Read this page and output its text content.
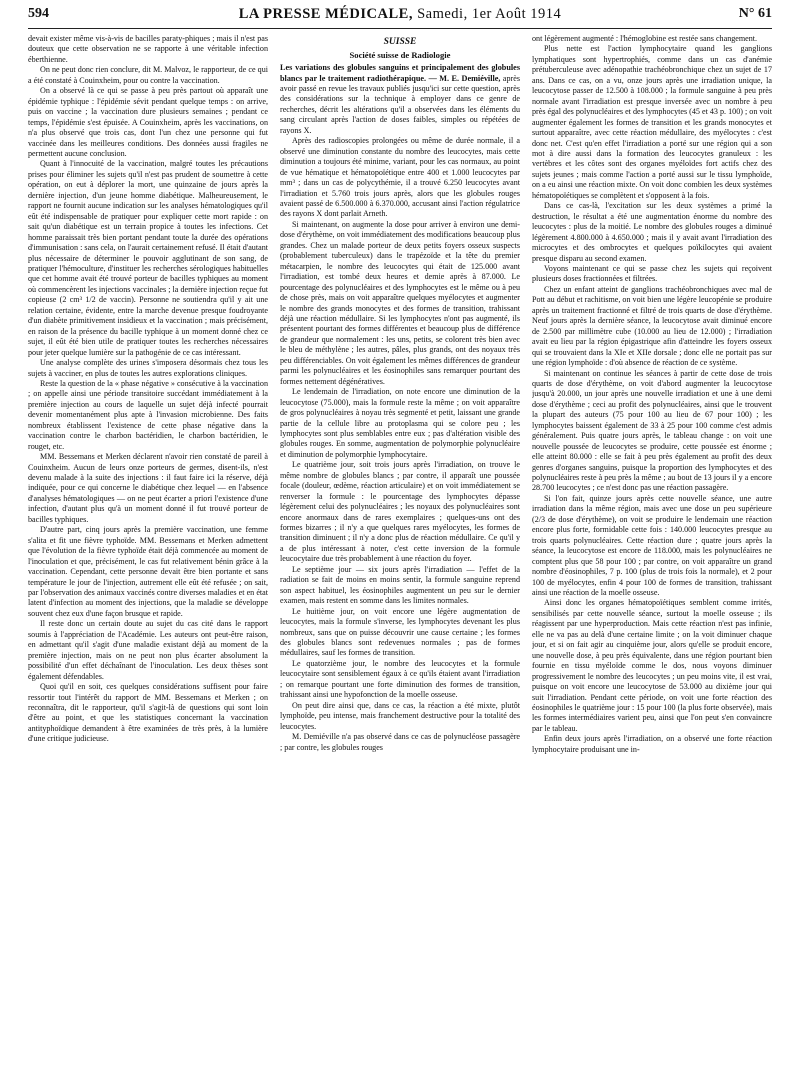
594	LA PRESSE MÉDICALE, Samedi, 1er Août 1914	N° 61

devait exister même vis-à-vis de bacilles paraty-phiques ; mais il n'est pas douteux que cette observation ne se rapporte à une véritable infection éberthienne.

On ne peut donc rien conclure, dit M. Malvoz, le rapporteur, de ce qui a été constaté à Couinxheim, pour ou contre la vaccination.

On a observé là ce qui se passe à peu près partout où apparaît une épidémie typhique : l'épidémie sévit pendant quelque temps : on arrive, puis on vaccine ; la vaccination dure plusieurs semaines ; pendant ce temps, l'épidémie s'est épuisée. A Couinxheim, après les vaccinations, on n'a plus observé que trois cas, dont l'un chez une personne qui fut vaccinée dans les meilleures conditions. Des données aussi fragiles ne permettent aucune conclusion.

Quant à l'innocuité de la vaccination, malgré toutes les précautions prises pour éliminer les sujets qu'il n'est pas prudent de soumettre à cette opération, on eut à déplorer la mort, une quinzaine de jours après la dernière injection, d'un jeune homme diabétique. Malheureusement, le rapport ne fournit aucune indication sur les analyses hématologiques qu'il eût été indispensable de pratiquer pour expliquer cette mort rapide : on sait qu'un diabétique est un terrain propice à toutes les infections. Cet homme paraissait très bien portant pendant toute la durée des opérations d'immunisation : sans cela, on l'aurait certainement refusé. Il était d'autant plus nécessaire de déterminer le pouvoir agglutinant de son sang, de pratiquer l'hémoculture, d'instituer les recherches sérologiques habituelles que cet homme avait été trouvé porteur de bacilles typhiques au moment où commencèrent les injections vaccinales ; la dernière injection reçue fut copieuse (2 cm³ 1/2 de vaccin). Personne ne soutiendra qu'il y ait une relation certaine, évidente, entre la marche devenue presque foudroyante d'un diabète primitivement insidieux et la vaccination ; mais précisément, en raison de la présence du bacille typhique à un moment donné chez ce sujet, il eût été bien utile de pratiquer toutes les recherches nécessaires pour jeter quelque lumière sur la pathogénie de ce cas intéressant.

Une analyse complète des urines s'imposera désormais chez tous les sujets à vacciner, en plus de toutes les autres explorations cliniques.

Reste la question de la « phase négative » consécutive à la vaccination ; on appelle ainsi une période transitoire succédant immédiatement à la première injection au cours de laquelle un sujet déjà infecté pourrait devenir momentanément plus apte à l'invasion microbienne. Des faits nombreux établissent l'existence de cette phase négative dans la vaccination contre le charbon bactéridien, le charbon bactéridien, le rouget, etc.

MM. Bessemans et Merken déclarent n'avoir rien constaté de pareil à Couinxheim. Aucun de leurs onze porteurs de germes, disent-ils, n'est devenu malade à la suite des injections : il faut faire ici la réserve, déjà indiquée, pour ce qui concerne le diabétique chez lequel — en l'absence d'analyses hématologiques — on ne peut écarter a priori l'existence d'une infection, d'autant plus qu'à un moment donné il fut trouvé porteur de bacilles typhiques.

D'autre part, cinq jours après la première vaccination, une femme s'alita et fit une fièvre typhoïde. MM. Bessemans et Merken admettent que l'évolution de la fièvre typhoïde était déjà commencée au moment de l'inoculation et que, précisément, le cas fut relativement bénin grâce à la vaccination. Cependant, cette personne devait être bien portante et sans température le jour de l'injection, autrement elle eût été refusée ; on sait, par l'observation des animaux vaccinés contre diverses maladies et en état latent d'infection au moment des injections, que la maladie se développe souvent chez eux d'une façon brusque et rapide.

Il reste donc un certain doute au sujet du cas cité dans le rapport soumis à l'appréciation de l'Académie. Les auteurs ont peut-être raison, en admettant qu'il s'agit d'une maladie existant déjà au moment de la première injection, mais on ne peut non plus écarter absolument la possibilité d'un effet déchaînant de l'inoculation. Les deux thèses sont également défendables.

Quoi qu'il en soit, ces quelques considérations suffisent pour faire ressortir tout l'intérêt du rapport de MM. Bessemans et Merken ; on reconnaîtra, dit le rapporteur, qu'il s'agit-là de questions qui sont loin d'être au point, et que les statistiques concernant la vaccination antityphoïdique demandent à être examinées de très près, à la lumière d'une critique judicieuse.

SUISSE
Société suisse de Radiologie

Les variations des globules sanguins et principalement des globules blancs par le traitement radiothérapique. — M. E. Demiéville, après avoir passé en revue les travaux publiés jusqu'ici sur cette question, après des considérations sur la technique à employer dans ce genre de recherches, décrit les altérations qu'il a observées dans les éléments du sang circulant après l'action de doses faibles, simples ou répétées de rayons X.

Après des radioscopies prolongées ou même de durée normale, il a observé une diminution constante du nombre des leucocytes, mais cette diminution a toujours été minime, variant, pour les cas normaux, au point de vue hématique et hématopoïétique entre 400 et 1.000 leucocytes par mm³ ; dans un cas de polycythémie, il a trouvé 6.250 leucocytes avant l'irradiation et 5.760 trois jours après, alors que les globules rouges avaient passé de 6.500.000 à 6.370.000, accusant ainsi l'action régulatrice des rayons X dont parlait Arneth.

Si maintenant, on augmente la dose pour arriver à environ une demi-dose d'érythème, on voit immédiatement des modifications beaucoup plus grandes. Chez un malade porteur de deux petits foyers osseux suspects (probablement tuberculeux) dans le trapézoïde et la tête du premier métacarpien, le nombre des leucocytes qui était de 125.000 avant l'irradiation, est tombé deux heures et demie après à 87.000. Le pourcentage des polynucléaires et des lymphocytes est le même ou à peu de chose près, mais on voit apparaître quelques myélocytes et augmenter le nombre des grands monocytes et des formes de transition, trahissant déjà une réaction médullaire. Si les lymphocytes n'ont pas augmenté, ils présentent pourtant des formes différentes et beaucoup plus de différence de grandeur que normalement : les uns, petits, se colorent très bien avec le bleu de méthylène ; les autres, pâles, plus grands, ont des noyaux très peu différenciables. On voit également les mêmes différences de grandeur parmi les polynucléaires et les éosinophiles sans remarquer pourtant des formes nettement dégénératives.

Le lendemain de l'irradiation, on note encore une diminution de la leucocytose (75.000), mais la formule reste la même ; on voit apparaître de gros polynucléaires à noyau très segmenté et petit, laissant une grande partie de la cellule libre au protoplasma qui se colore peu ; les lymphocytes sont plus semblables entre eux ; pas d'altération visible des globules rouges. En somme, augmentation de polymorphie polynucléaire et diminution de polymorphie lymphocytaire.

Le quatrième jour, soit trois jours après l'irradiation, on trouve le même nombre de globules blancs ; par contre, il apparaît une poussée focale (douleur, œdème, réaction articulaire) et on voit immédiatement se renverser la formule : le pourcentage des lymphocytes dépasse légèrement celui des polynucléaires ; les noyaux des polynucléaires sont encore anormaux dans de rares exemplaires ; quelques-uns ont des formes bizarres ; il n'y a que quelques rares myélocytes, les formes de transition diminuent ; il n'y a donc plus de réaction médullaire. Ce qu'il y a de plus intéressant à noter, c'est cette inversion de la formule leucocytaire due très probablement à une réaction du foyer.

Le septième jour — six jours après l'irradiation — l'effet de la radiation se fait de moins en moins sentir, la formule sanguine reprend son aspect habituel, les éosinophiles augmentent un peu sur le dernier examen, mais restent en somme dans les limites normales.

Le huitième jour, on voit encore une légère augmentation de leucocytes, mais la formule s'inverse, les lymphocytes devenant les plus nombreux, sans que on puisse découvrir une cause certaine ; les formes des globules blancs sont redevenues normales ; pas de formes médullaires, sauf les formes de transition.

Le quatorzième jour, le nombre des leucocytes et la formule leucocytaire sont sensiblement égaux à ce qu'ils étaient avant l'irradiation ; on remarque pourtant une forte diminution des formes de transition, trahissant ainsi une hypofonction de la moelle osseuse.

On peut dire ainsi que, dans ce cas, la réaction a été mixte, plutôt lymphoïde, peu intense, mais franchement destructive pour la totalité des leucocytes.

M. Demiéville n'a pas observé dans ce cas de polynucléose passagère ; par contre, les globules rouges

ont légèrement augmenté : l'hémoglobine est restée sans changement.

Plus nette est l'action lymphocytaire quand les ganglions lymphatiques sont hypertrophiés, comme dans un cas d'anémie prétuberculeuse avec adénopathie trachéobronchique chez un sujet de 17 ans. Dans ce cas, on a vu, onze jours après une irradiation unique, la leucocytose passer de 12.500 à 108.000 ; la formule sanguine à peu près normale avant l'irradiation est presque inversée avec un nombre à peu près égal des polynucléaires et des lymphocytes (45 et 43 p. 100) ; on voit augmenter également les formes de transition et les grands monocytes et surtout apparaître, avec cette réaction médullaire, des myélocytes : c'est donc net. C'est qu'en effet l'irradiation a porté sur une région qui a son mot à dire aussi dans la formation des leucocytes granuleux : les vertèbres et les côtes sont des organes myéloïdes fort actifs chez des sujets jeunes ; mais comme l'action a porté aussi sur le tissu lymphoïde, on a eu ainsi une réaction mixte. On voit donc combien les deux systèmes hématopoïétiques se complètent et s'opposent à la fois.

Dans ce cas-là, l'excitation sur les deux systèmes a primé la destruction, le résultat a été une augmentation énorme du nombre des leucocytes : plus de la moitié. Le nombre des globules rouges a diminué légèrement 4.800.000 à 4.650.000 ; mais il y avait avant l'irradiation des microcytes et des ombrocytes et quelques poïkilocytes qui avaient presque disparu au second examen.

Voyons maintenant ce qui se passe chez les sujets qui reçoivent plusieurs doses fractionnées et filtrées.

Chez un enfant atteint de ganglions trachéobronchiques avec mal de Pott au début et rachitisme, on voit bien une légère leucopénie se produire après un traitement fractionné et filtré de trois quarts de dose d'érythème. Neuf jours après la dernière séance, la leucocytose avait diminué encore de 2.500 par millimètre cube (10.000 au lieu de 12.000) ; l'irradiation avait eu lieu par la région épigastrique afin d'atteindre les foyers osseux qui se trouvaient dans la XIe et XIIe dorsale ; donc elle ne portait pas sur une région lymphoïde : d'où absence de réaction de ce système.

Si maintenant on continue les séances à partir de cette dose de trois quarts de dose d'érythème, on voit d'abord augmenter la leucocytose jusqu'à 20.000, un jour après une nouvelle irradiation et une à une demi dose d'érythème ; ceci au profit des polynucléaires, ainsi que le trouvent la plupart des auteurs (75 pour 100 au lieu de 67 pour 100) ; les lymphocytes baissent également de 33 à 25 pour 100 comme c'est admis généralement. Puis quatre jours après, le tableau change : on voit une nouvelle poussée de leucocytes se produire, cette poussée est énorme ; elle atteint 80.000 : elle se fait à peu près également au profit des deux genres d'organes sanguins, puisque la proportion des lymphocytes et des polynucléaires reste à peu près la même ; au bout de 13 jours il y a encore 28.700 leucocytes ; ce n'est donc pas une réaction passagère.

Si l'on fait, quinze jours après cette nouvelle séance, une autre irradiation dans la même région, mais avec une dose un peu supérieure (2/3 de dose d'érythème), on voit se produire le lendemain une réaction encore plus forte, formidable cette fois : 140.000 leucocytes presque au trois quarts polynucléaires. Cette réaction dure ; quatre jours après la séance, la leucocytose est encore de 118.000, mais les polynucléaires ne comptent plus que 58 pour 100 ; par contre, on voit apparaître un grand nombre d'éosinophiles, 7 p. 100 (plus de trois fois la normale), et 2 pour 100 de myélocytes, enfin 4 pour 100 de formes de transition, trahissant ainsi une réaction de la moelle osseuse.

Ainsi donc les organes hématopoïétiques semblent comme irrités, sensibilisés par cette nouvelle séance, surtout la moelle osseuse ; ils réagissent par une hyperproduction. Mais cette réaction n'est pas infinie, elle ne va pas au delà d'une certaine limite ; on la voit diminuer chaque jour, et si on fait agir au cinquième jour, alors qu'elle se produit encore, une nouvelle dose, à peu près équivalente, dans une région pourtant bien fournie en tissu myéloïde comme le dos, nous voyons diminuer progressivement le nombre des leucocytes ; un peu moins vite, il est vrai, puisque on voit encore une leucocytose de 53.000 au dixième jour qui suit l'irradiation. Pendant cette période, on voit une forte réaction des éosinophiles le quatrième jour : 15 pour 100 (la plus forte observée), mais les formes intermédiaires varient peu, ainsi que l'on peut s'en convaincre par le tableau.

Enfin deux jours après l'irradiation, on a observé une forte réaction lymphocytaire produisant une in-
